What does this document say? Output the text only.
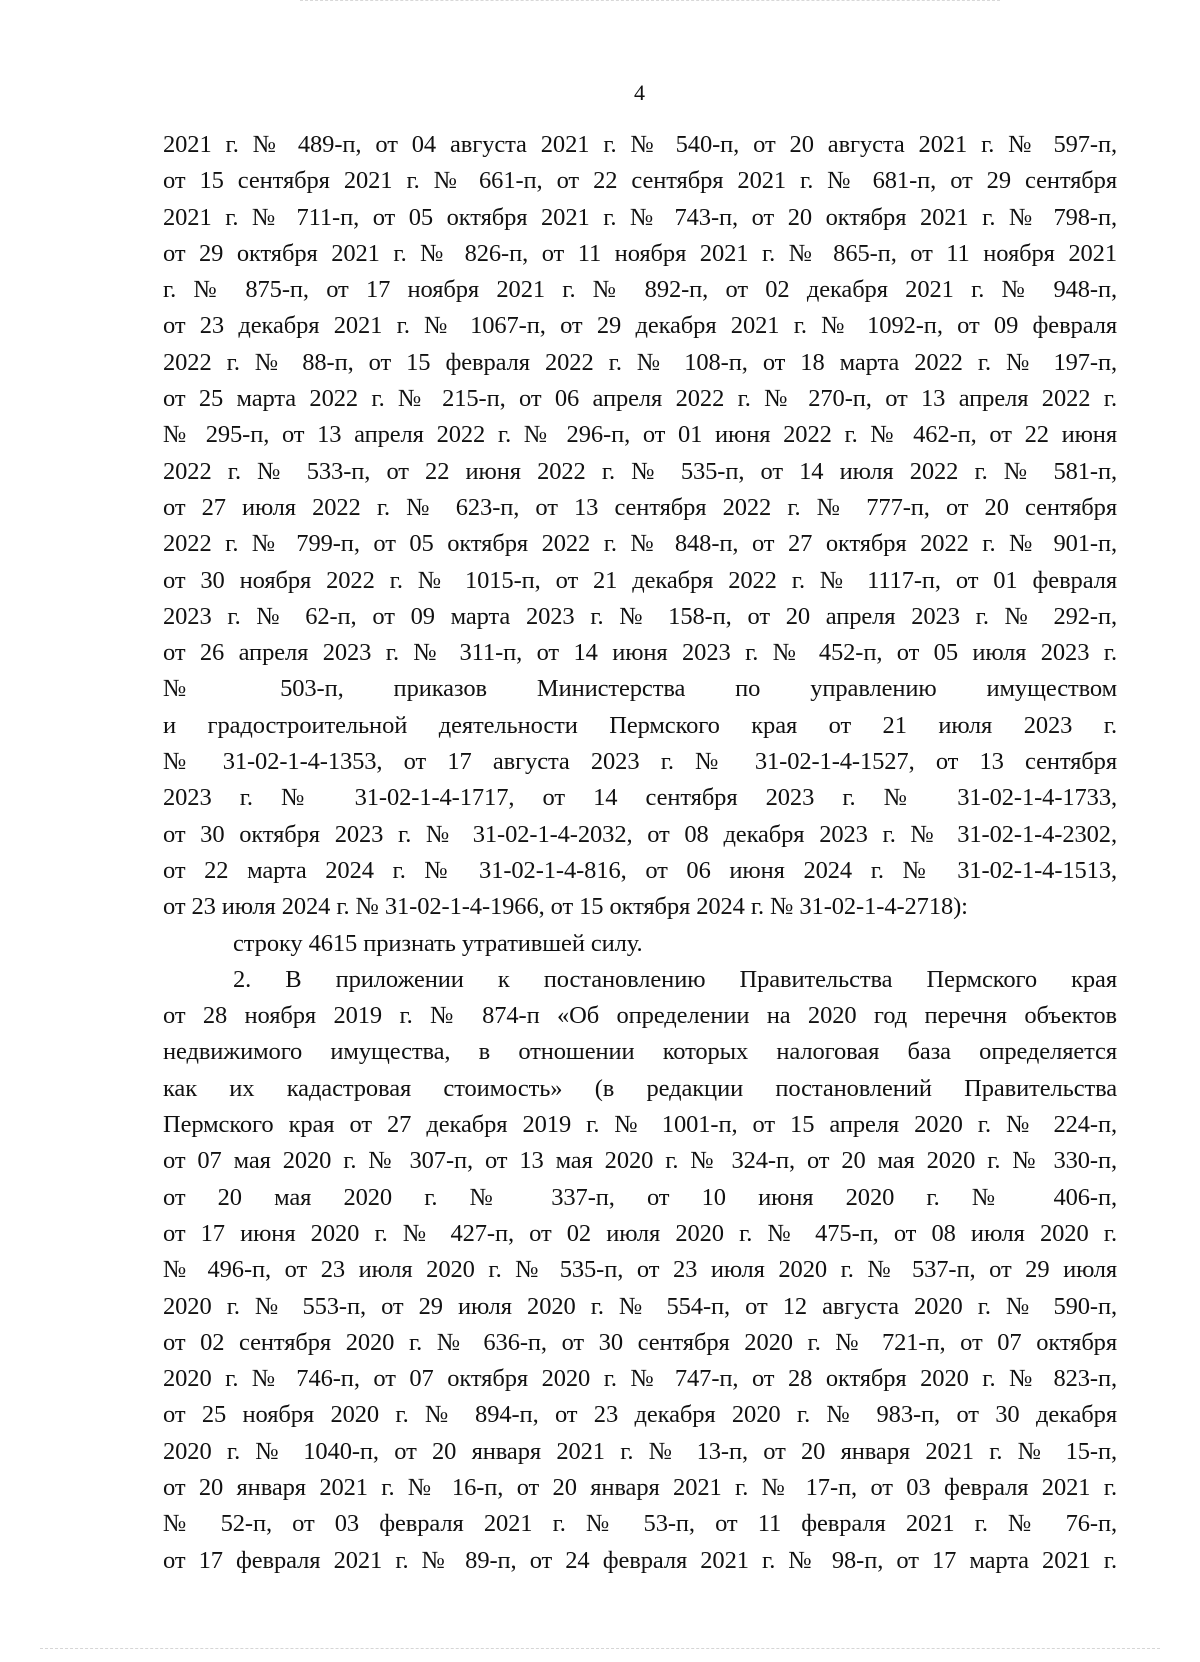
4
2021 г. № 489-п, от 04 августа 2021 г. № 540-п, от 20 августа 2021 г. № 597-п,
от 15 сентября 2021 г. № 661-п, от 22 сентября 2021 г. № 681-п, от 29 сентября
2021 г. № 711-п, от 05 октября 2021 г. № 743-п, от 20 октября 2021 г. № 798-п,
от 29 октября 2021 г. № 826-п, от 11 ноября 2021 г. № 865-п, от 11 ноября 2021
г. № 875-п, от 17 ноября 2021 г. № 892-п, от 02 декабря 2021 г. № 948-п,
от 23 декабря 2021 г. № 1067-п, от 29 декабря 2021 г. № 1092-п, от 09 февраля
2022 г. № 88-п, от 15 февраля 2022 г. № 108-п, от 18 марта 2022 г. № 197-п,
от 25 марта 2022 г. № 215-п, от 06 апреля 2022 г. № 270-п, от 13 апреля 2022 г.
№ 295-п, от 13 апреля 2022 г. № 296-п, от 01 июня 2022 г. № 462-п, от 22 июня
2022 г. № 533-п, от 22 июня 2022 г. № 535-п, от 14 июля 2022 г. № 581-п,
от 27 июля 2022 г. № 623-п, от 13 сентября 2022 г. № 777-п, от 20 сентября
2022 г. № 799-п, от 05 октября 2022 г. № 848-п, от 27 октября 2022 г. № 901-п,
от 30 ноября 2022 г. № 1015-п, от 21 декабря 2022 г. № 1117-п, от 01 февраля
2023 г. № 62-п, от 09 марта 2023 г. № 158-п, от 20 апреля 2023 г. № 292-п,
от 26 апреля 2023 г. № 311-п, от 14 июня 2023 г. № 452-п, от 05 июля 2023 г.
№ 503-п, приказов Министерства по управлению имуществом
и градостроительной деятельности Пермского края от 21 июля 2023 г.
№ 31-02-1-4-1353, от 17 августа 2023 г. № 31-02-1-4-1527, от 13 сентября
2023 г. № 31-02-1-4-1717, от 14 сентября 2023 г. № 31-02-1-4-1733,
от 30 октября 2023 г. № 31-02-1-4-2032, от 08 декабря 2023 г. № 31-02-1-4-2302,
от 22 марта 2024 г. № 31-02-1-4-816, от 06 июня 2024 г. № 31-02-1-4-1513,
от 23 июля 2024 г. № 31-02-1-4-1966, от 15 октября 2024 г. № 31-02-1-4-2718):
строку 4615 признать утратившей силу.
2. В приложении к постановлению Правительства Пермского края
от 28 ноября 2019 г. № 874-п «Об определении на 2020 год перечня объектов
недвижимого имущества, в отношении которых налоговая база определяется
как их кадастровая стоимость» (в редакции постановлений Правительства
Пермского края от 27 декабря 2019 г. № 1001-п, от 15 апреля 2020 г. № 224-п,
от 07 мая 2020 г. № 307-п, от 13 мая 2020 г. № 324-п, от 20 мая 2020 г. № 330-п,
от 20 мая 2020 г. № 337-п, от 10 июня 2020 г. № 406-п,
от 17 июня 2020 г. № 427-п, от 02 июля 2020 г. № 475-п, от 08 июля 2020 г.
№ 496-п, от 23 июля 2020 г. № 535-п, от 23 июля 2020 г. № 537-п, от 29 июля
2020 г. № 553-п, от 29 июля 2020 г. № 554-п, от 12 августа 2020 г. № 590-п,
от 02 сентября 2020 г. № 636-п, от 30 сентября 2020 г. № 721-п, от 07 октября
2020 г. № 746-п, от 07 октября 2020 г. № 747-п, от 28 октября 2020 г. № 823-п,
от 25 ноября 2020 г. № 894-п, от 23 декабря 2020 г. № 983-п, от 30 декабря
2020 г. № 1040-п, от 20 января 2021 г. № 13-п, от 20 января 2021 г. № 15-п,
от 20 января 2021 г. № 16-п, от 20 января 2021 г. № 17-п, от 03 февраля 2021 г.
№ 52-п, от 03 февраля 2021 г. № 53-п, от 11 февраля 2021 г. № 76-п,
от 17 февраля 2021 г. № 89-п, от 24 февраля 2021 г. № 98-п, от 17 марта 2021 г.
